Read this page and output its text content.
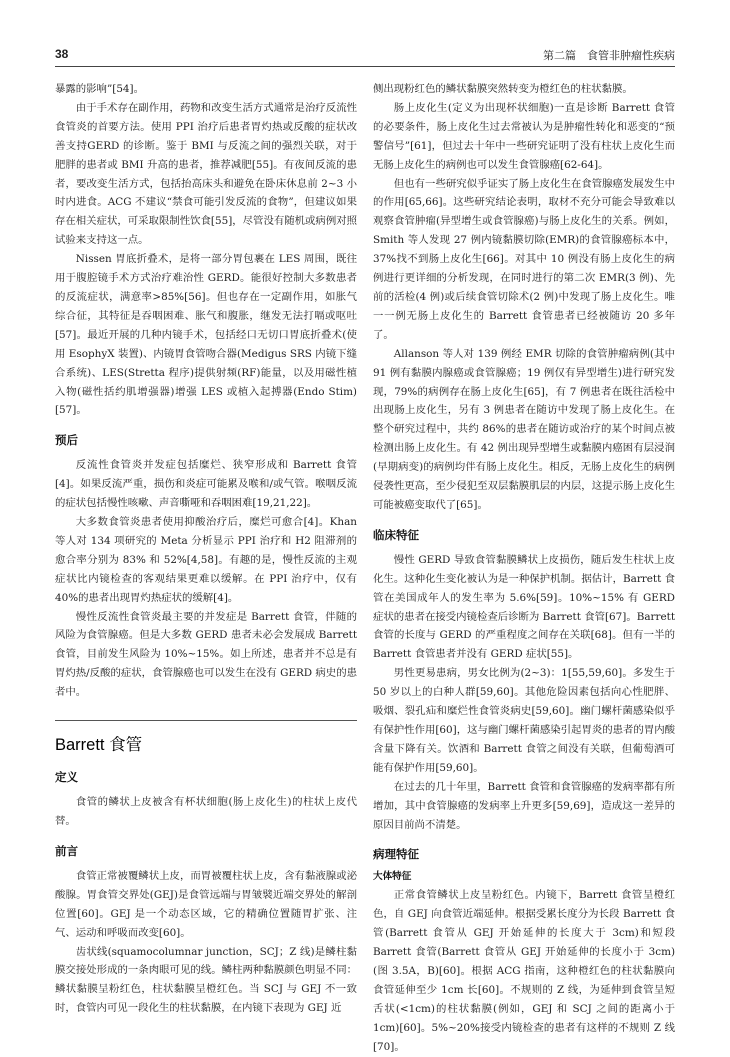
38	第二篇　食管非肿瘤性疾病

暴露的影响”[54]。

由于手术存在副作用，药物和改变生活方式通常是治疗反流性食管炎的首要方法。使用 PPI 治疗后患者胃灼热或反酸的症状改善支持GERD 的诊断。鉴于 BMI 与反流之间的强烈关联，对于肥胖的患者或 BMI 升高的患者，推荐减肥[55]。有夜间反流的患者，要改变生活方式，包括抬高床头和避免在卧床休息前 2~3 小时内进食。ACG 不建议“禁食可能引发反流的食物”，但建议如果存在相关症状，可采取限制性饮食[55]，尽管没有随机或病例对照试验来支持这一点。

Nissen 胃底折叠术，是将一部分胃包裹在 LES 周围，既往用于腹腔镜手术方式治疗难治性 GERD。能很好控制大多数患者的反流症状，满意率>85%[56]。但也存在一定副作用，如胀气综合征，其特征是吞咽困难、胀气和腹胀，继发无法打嗝或呕吐[57]。最近开展的几种内镜手术，包括经口无切口胃底折叠术(使用 EsophyX 装置)、内镜胃食管吻合器(Medigus SRS 内镜下缝合系统)、LES(Stretta 程序)提供射频(RF)能量，以及用磁性植入物(磁性括约肌增强器)增强 LES 或植入起搏器(Endo Stim)[57]。

预后

反流性食管炎并发症包括糜烂、狭窄形成和 Barrett 食管[4]。如果反流严重，损伤和炎症可能累及喉和/或气管。喉咽反流的症状包括慢性咳嗽、声音嘶哑和吞咽困难[19,21,22]。

大多数食管炎患者使用抑酸治疗后，糜烂可愈合[4]。Khan 等人对 134 项研究的 Meta 分析显示 PPI 治疗和 H2 阻滞剂的愈合率分别为 83% 和 52%[4,58]。有趣的是，慢性反流的主观症状比内镜检查的客观结果更难以缓解。在 PPI 治疗中，仅有 40%的患者出现胃灼热症状的缓解[4]。

慢性反流性食管炎最主要的并发症是 Barrett 食管，伴随的风险为食管腺癌。但是大多数 GERD 患者未必会发展成 Barrett 食管，目前发生风险为 10%~15%。如上所述，患者并不总是有胃灼热/反酸的症状，食管腺癌也可以发生在没有 GERD 病史的患者中。

Barrett 食管
定义

食管的鳞状上皮被含有杯状细胞(肠上皮化生)的柱状上皮代替。

前言

食管正常被覆鳞状上皮，而胃被覆柱状上皮，含有黏液腺或泌酸腺。胃食管交界处(GEJ)是食管远端与胃皱襞近端交界处的解剖位置[60]。GEJ 是一个动态区域，它的精确位置随胃扩张、注气、运动和呼吸而改变[60]。

齿状线(squamocolumnar junction，SCJ；Z 线)是鳞柱黏膜交接处形成的一条肉眼可见的线。鳞柱两种黏膜颜色明显不同：鳞状黏膜呈粉红色，柱状黏膜呈橙红色。当 SCJ 与 GEJ 不一致时，食管内可见一段化生的柱状黏膜，在内镜下表现为 GEJ 近

侧出现粉红色的鳞状黏膜突然转变为橙红色的柱状黏膜。

肠上皮化生(定义为出现杯状细胞)一直是诊断 Barrett 食管的必要条件，肠上皮化生过去常被认为是肿瘤性转化和恶变的“预警信号”[61]，但过去十年中一些研究证明了没有柱状上皮化生而无肠上皮化生的病例也可以发生食管腺癌[62-64]。

但也有一些研究似乎证实了肠上皮化生在食管腺癌发展发生中的作用[65,66]。这些研究结论表明，取材不充分可能会导致难以观察食管肿瘤(异型增生或食管腺癌)与肠上皮化生的关系。例如，Smith 等人发现 27 例内镜黏膜切除(EMR)的食管腺癌标本中，37%找不到肠上皮化生[66]。对其中 10 例没有肠上皮化生的病例进行更详细的分析发现，在同时进行的第二次 EMR(3 例)、先前的活检(4 例)或后续食管切除术(2 例)中发现了肠上皮化生。唯一一例无肠上皮化生的 Barrett 食管患者已经被随访 20 多年了。

Allanson 等人对 139 例经 EMR 切除的食管肿瘤病例(其中 91 例有黏膜内腺癌或食管腺癌；19 例仅有异型增生)进行研究发现，79%的病例存在肠上皮化生[65]，有 7 例患者在既往活检中出现肠上皮化生，另有 3 例患者在随访中发现了肠上皮化生。在整个研究过程中，共约 86%的患者在随访或治疗的某个时间点被检测出肠上皮化生。有 42 例出现异型增生或黏膜内癌困有层浸润(早期病变)的病例均伴有肠上皮化生。相反，无肠上皮化生的病例侵袭性更高，至少侵犯至双层黏膜肌层的内层，这提示肠上皮化生可能被癌变取代了[65]。

临床特征

慢性 GERD 导致食管黏膜鳞状上皮损伤，随后发生柱状上皮化生。这种化生变化被认为是一种保护机制。据估计，Barrett 食管在美国成年人的发生率为 5.6%[59]。10%~15% 有 GERD 症状的患者在接受内镜检查后诊断为 Barrett 食管[67]。Barrett 食管的长度与 GERD 的严重程度之间存在关联[68]。但有一半的 Barrett 食管患者并没有 GERD 症状[55]。

男性更易患病，男女比例为(2~3)：1[55,59,60]。多发生于 50 岁以上的白种人群[59,60]。其他危险因素包括向心性肥胖、吸烟、裂孔疝和糜烂性食管炎病史[59,60]。幽门螺杆菌感染似乎有保护性作用[60]，这与幽门螺杆菌感染引起胃炎的患者的胃内酸含量下降有关。饮酒和 Barrett 食管之间没有关联，但葡萄酒可能有保护作用[59,60]。

在过去的几十年里，Barrett 食管和食管腺癌的发病率都有所增加，其中食管腺癌的发病率上升更多[59,69]，造成这一差异的原因目前尚不清楚。

病理特征
大体特征

正常食管鳞状上皮呈粉红色。内镜下，Barrett 食管呈橙红色，自 GEJ 向食管近端延伸。根据受累长度分为长段 Barrett 食管(Barrett 食管从 GEJ 开始延伸的长度大于 3cm)和短段 Barrett 食管(Barrett 食管从 GEJ 开始延伸的长度小于 3cm)(图 3.5A，B)[60]。根据 ACG 指南，这种橙红色的柱状黏膜向食管延伸至少 1cm 长[60]。不规则的 Z 线，为延伸到食管呈短舌状(<1cm)的柱状黏膜(例如，GEJ 和 SCJ 之间的距离小于 1cm)[60]。5%~20%接受内镜检查的患者有这样的不规则 Z 线[70]。
